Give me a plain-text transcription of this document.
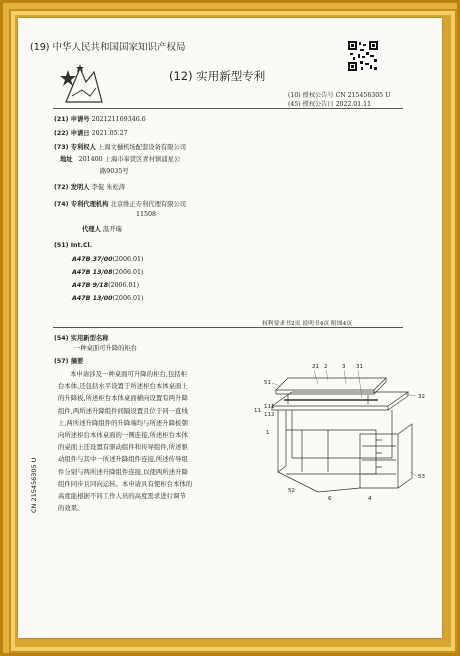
(19) 中华人民共和国国家知识产权局
(12) 实用新型专利
(10) 授权公告号 CN 215456305 U
(45) 授权公告日 2022.01.11
(21) 申请号 202121169346.6
(22) 申请日 2021.05.27
(73) 专利权人 上海文樋机场配套设备有限公司
地址 201400 上海市奉贤区青村镇浦星公
路9035号
(72) 发明人 李侃 朱松涛
(74) 专利代理机构 北京维正专利代理有限公司
11508
代理人 温开瑞
(51) Int.Cl.
A47B 37/00(2006.01)
A47B 13/08(2006.01)
A47B 9/18(2006.01)
A47B 13/00(2006.01)
权利要求书2页 说明书4页 附图4页
(54) 实用新型名称
一种桌面可升降的柜台
(57) 摘要
本申请涉及一种桌面可升降的柜台,包括柜
台本体,还包括水平设置于所述柜台本体桌面上
的升降板,所述柜台本体桌面横向设置有两升降
组件,两所述升降组件间隔设置且位于同一直线
上,两所述升降组件的升降端均与所述升降板朝
向所述柜台本体桌面的一侧连接,所述柜台本体
的桌面上还设置有驱动组件和传导组件,所述驱
动组件与其中一所述升降组件连接,所述传导组
件分别与两所述升降组件连接,以使两所述升降
组件同步且同向运转。本申请具有使柜台本体的
高度能根据不同工作人员的高度需求进行调节
的效果。
21 2	3 31
51
111
112
11
1
52
6	4
32
53
CN 215456305 U
